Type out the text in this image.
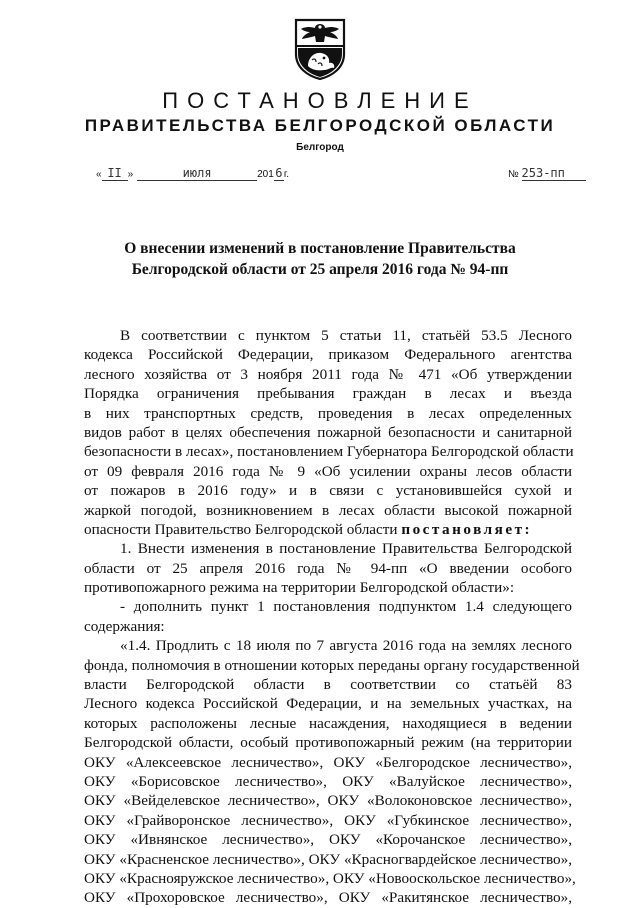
ПОСТАНОВЛЕНИЕ
ПРАВИТЕЛЬСТВА БЕЛГОРОДСКОЙ ОБЛАСТИ
Белгород
« II »	июля	2016г.	№ 253-пп
О внесении изменений в постановление Правительства
Белгородской области от 25 апреля 2016 года № 94-пп
В соответствии с пунктом 5 статьи 11, статьёй 53.5 Лесного
кодекса Российской Федерации, приказом Федерального агентства
лесного хозяйства от 3 ноября 2011 года № 471 «Об утверждении
Порядка ограничения пребывания граждан в лесах и въезда
в них транспортных средств, проведения в лесах определенных
видов работ в целях обеспечения пожарной безопасности и санитарной
безопасности в лесах», постановлением Губернатора Белгородской области
от 09 февраля 2016 года № 9 «Об усилении охраны лесов области
от пожаров в 2016 году» и в связи с установившейся сухой и
жаркой погодой, возникновением в лесах области высокой пожарной
опасности Правительство Белгородской области постановляет:
1. Внести изменения в постановление Правительства Белгородской
области от 25 апреля 2016 года № 94-пп «О введении особого
противопожарного режима на территории Белгородской области»:
- дополнить пункт 1 постановления подпунктом 1.4 следующего
содержания:
«1.4. Продлить с 18 июля по 7 августа 2016 года на землях лесного
фонда, полномочия в отношении которых переданы органу государственной
власти Белгородской области в соответствии со статьёй 83
Лесного кодекса Российской Федерации, и на земельных участках, на
которых расположены лесные насаждения, находящиеся в ведении
Белгородской области, особый противопожарный режим (на территории
ОКУ «Алексеевское лесничество», ОКУ «Белгородское лесничество»,
ОКУ «Борисовское лесничество», ОКУ «Валуйское лесничество»,
ОКУ «Вейделевское лесничество», ОКУ «Волоконовское лесничество»,
ОКУ «Грайворонское лесничество», ОКУ «Губкинское лесничество»,
ОКУ «Ивнянское лесничество», ОКУ «Корочанское лесничество»,
ОКУ «Красненское лесничество», ОКУ «Красногвардейское лесничество»,
ОКУ «Краснояружское лесничество», ОКУ «Новооскольское лесничество»,
ОКУ «Прохоровское лесничество», ОКУ «Ракитянское лесничество»,
